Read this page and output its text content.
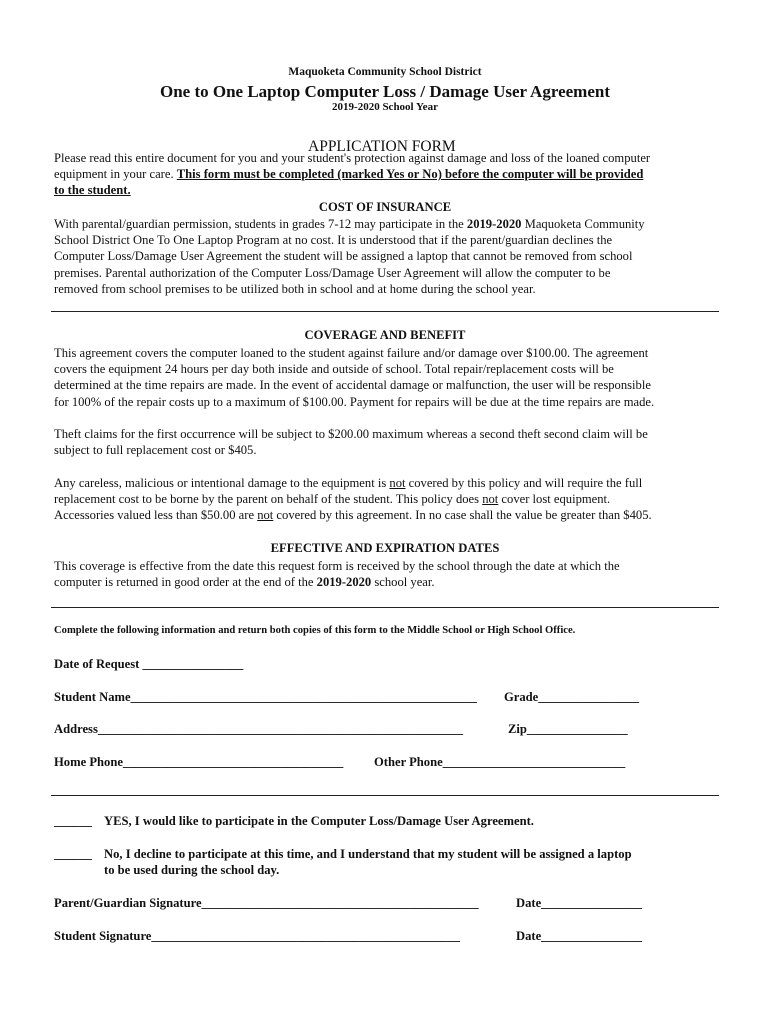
Maquoketa Community School District
One to One Laptop Computer Loss / Damage User Agreement
2019-2020 School Year
APPLICATION FORM
Please read this entire document for you and your student's protection against damage and loss of the loaned computer
equipment in your care. This form must be completed (marked Yes or No) before the computer will be provided
to the student.
COST OF INSURANCE
With parental/guardian permission, students in grades 7-12 may participate in the 2019-2020 Maquoketa Community
School District One To One Laptop Program at no cost. It is understood that if the parent/guardian declines the
Computer Loss/Damage User Agreement the student will be assigned a laptop that cannot be removed from school
premises. Parental authorization of the Computer Loss/Damage User Agreement will allow the computer to be
removed from school premises to be utilized both in school and at home during the school year.
COVERAGE AND BENEFIT
This agreement covers the computer loaned to the student against failure and/or damage over $100.00. The agreement
covers the equipment 24 hours per day both inside and outside of school. Total repair/replacement costs will be
determined at the time repairs are made. In the event of accidental damage or malfunction, the user will be responsible
for 100% of the repair costs up to a maximum of $100.00. Payment for repairs will be due at the time repairs are made.
Theft claims for the first occurrence will be subject to $200.00 maximum whereas a second theft second claim will be
subject to full replacement cost or $405.
Any careless, malicious or intentional damage to the equipment is not covered by this policy and will require the full
replacement cost to be borne by the parent on behalf of the student. This policy does not cover lost equipment.
Accessories valued less than $50.00 are not covered by this agreement. In no case shall the value be greater than $405.
EFFECTIVE AND EXPIRATION DATES
This coverage is effective from the date this request form is received by the school through the date at which the
computer is returned in good order at the end of the 2019-2020 school year.
Complete the following information and return both copies of this form to the Middle School or High School Office.
Date of Request ________________
Student Name_______________________________________________________ Grade________________
Address__________________________________________________________	Zip________________
Home Phone___________________________________ Other Phone_____________________________
______ YES, I would like to participate in the Computer Loss/Damage User Agreement.
______ No, I decline to participate at this time, and I understand that my student will be assigned a laptop
to be used during the school day.
Parent/Guardian Signature____________________________________________	Date________________
Student Signature_________________________________________________	Date________________
